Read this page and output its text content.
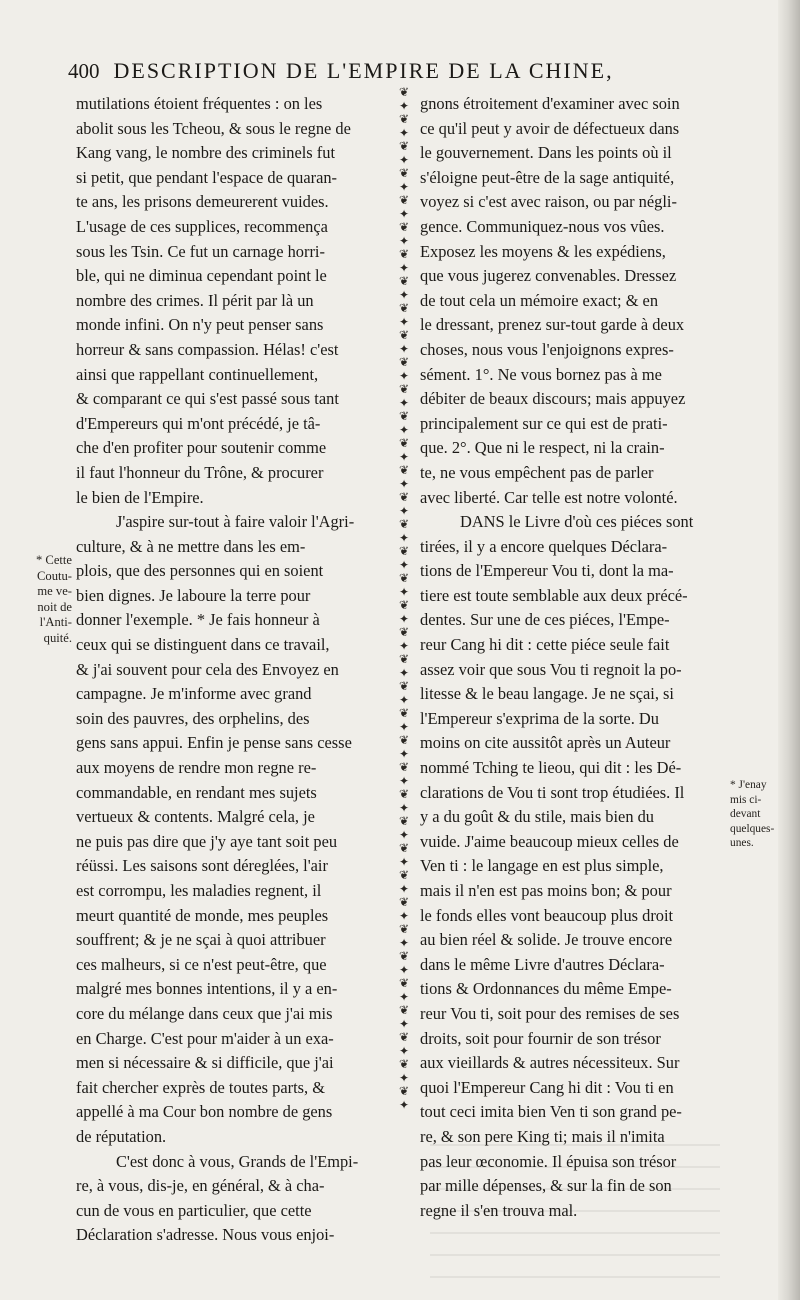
400 DESCRIPTION DE L'EMPIRE DE LA CHINE,
mutilations étoient fréquentes : on les
abolit sous les Tcheou, & sous le regne de
Kang vang, le nombre des criminels fut
si petit, que pendant l'espace de quaran-
te ans, les prisons demeurerent vuides.
L'usage de ces supplices, recommença
sous les Tsin. Ce fut un carnage horri-
ble, qui ne diminua cependant point le
nombre des crimes. Il périt par là un
monde infini. On n'y peut penser sans
horreur & sans compassion. Hélas! c'est
ainsi que rappellant continuellement,
& comparant ce qui s'est passé sous tant
d'Empereurs qui m'ont précédé, je tâ-
che d'en profiter pour soutenir comme
il faut l'honneur du Trône, & procurer
le bien de l'Empire.
J'aspire sur-tout à faire valoir l'Agri-
culture, & à ne mettre dans les em-
plois, que des personnes qui en soient
bien dignes. Je laboure la terre pour
donner l'exemple. * Je fais honneur à
ceux qui se distinguent dans ce travail,
& j'ai souvent pour cela des Envoyez en
campagne. Je m'informe avec grand
soin des pauvres, des orphelins, des
gens sans appui. Enfin je pense sans cesse
aux moyens de rendre mon regne re-
commandable, en rendant mes sujets
vertueux & contents. Malgré cela, je
ne puis pas dire que j'y aye tant soit peu
réüssi. Les saisons sont déreglées, l'air
est corrompu, les maladies regnent, il
meurt quantité de monde, mes peuples
souffrent; & je ne sçai à quoi attribuer
ces malheurs, si ce n'est peut-être, que
malgré mes bonnes intentions, il y a en-
core du mélange dans ceux que j'ai mis
en Charge. C'est pour m'aider à un exa-
men si nécessaire & si difficile, que j'ai
fait chercher exprès de toutes parts, &
appellé à ma Cour bon nombre de gens
de réputation.
C'est donc à vous, Grands de l'Empi-
re, à vous, dis-je, en général, & à cha-
cun de vous en particulier, que cette
Déclaration s'adresse. Nous vous enjoi-
❦
✦
❦
✦
❦
✦
❦
✦
❦
✦
❦
✦
❦
✦
❦
✦
❦
✦
❦
✦
❦
✦
❦
✦
❦
✦
❦
✦
❦
✦
❦
✦
❦
✦
❦
✦
❦
✦
❦
✦
❦
✦
❦
✦
❦
✦
❦
✦
❦
✦
❦
✦
❦
✦
❦
✦
❦
✦
❦
✦
❦
✦
❦
✦
❦
✦
❦
✦
❦
✦
❦
✦
❦
✦
❦
✦
gnons étroitement d'examiner avec soin
ce qu'il peut y avoir de défectueux dans
le gouvernement. Dans les points où il
s'éloigne peut-être de la sage antiquité,
voyez si c'est avec raison, ou par négli-
gence. Communiquez-nous vos vûes.
Exposez les moyens & les expédiens,
que vous jugerez convenables. Dressez
de tout cela un mémoire exact; & en
le dressant, prenez sur-tout garde à deux
choses, nous vous l'enjoignons expres-
sément. 1°. Ne vous bornez pas à me
débiter de beaux discours; mais appuyez
principalement sur ce qui est de prati-
que. 2°. Que ni le respect, ni la crain-
te, ne vous empêchent pas de parler
avec liberté. Car telle est notre volonté.
DANS le Livre d'où ces piéces sont
tirées, il y a encore quelques Déclara-
tions de l'Empereur Vou ti, dont la ma-
tiere est toute semblable aux deux précé-
dentes. Sur une de ces piéces, l'Empe-
reur Cang hi dit : cette piéce seule fait
assez voir que sous Vou ti regnoit la po-
litesse & le beau langage. Je ne sçai, si
l'Empereur s'exprima de la sorte. Du
moins on cite aussitôt après un Auteur
nommé Tching te lieou, qui dit : les Dé-
clarations de Vou ti sont trop étudiées. Il
y a du goût & du stile, mais bien du
vuide. J'aime beaucoup mieux celles de
Ven ti : le langage en est plus simple,
mais il n'en est pas moins bon; & pour
le fonds elles vont beaucoup plus droit
au bien réel & solide. Je trouve encore
dans le même Livre d'autres Déclara-
tions & Ordonnances du même Empe-
reur Vou ti, soit pour des remises de ses
droits, soit pour fournir de son trésor
aux vieillards & autres nécessiteux. Sur
quoi l'Empereur Cang hi dit : Vou ti en
tout ceci imita bien Ven ti son grand pe-
re, & son pere King ti; mais il n'imita
pas leur œconomie. Il épuisa son trésor
par mille dépenses, & sur la fin de son
regne il s'en trouva mal.
* Cette
Coutu-
me ve-
noit de
l'Anti-
quité.
* J'enay
mis ci-
devant
quelques-
unes.
